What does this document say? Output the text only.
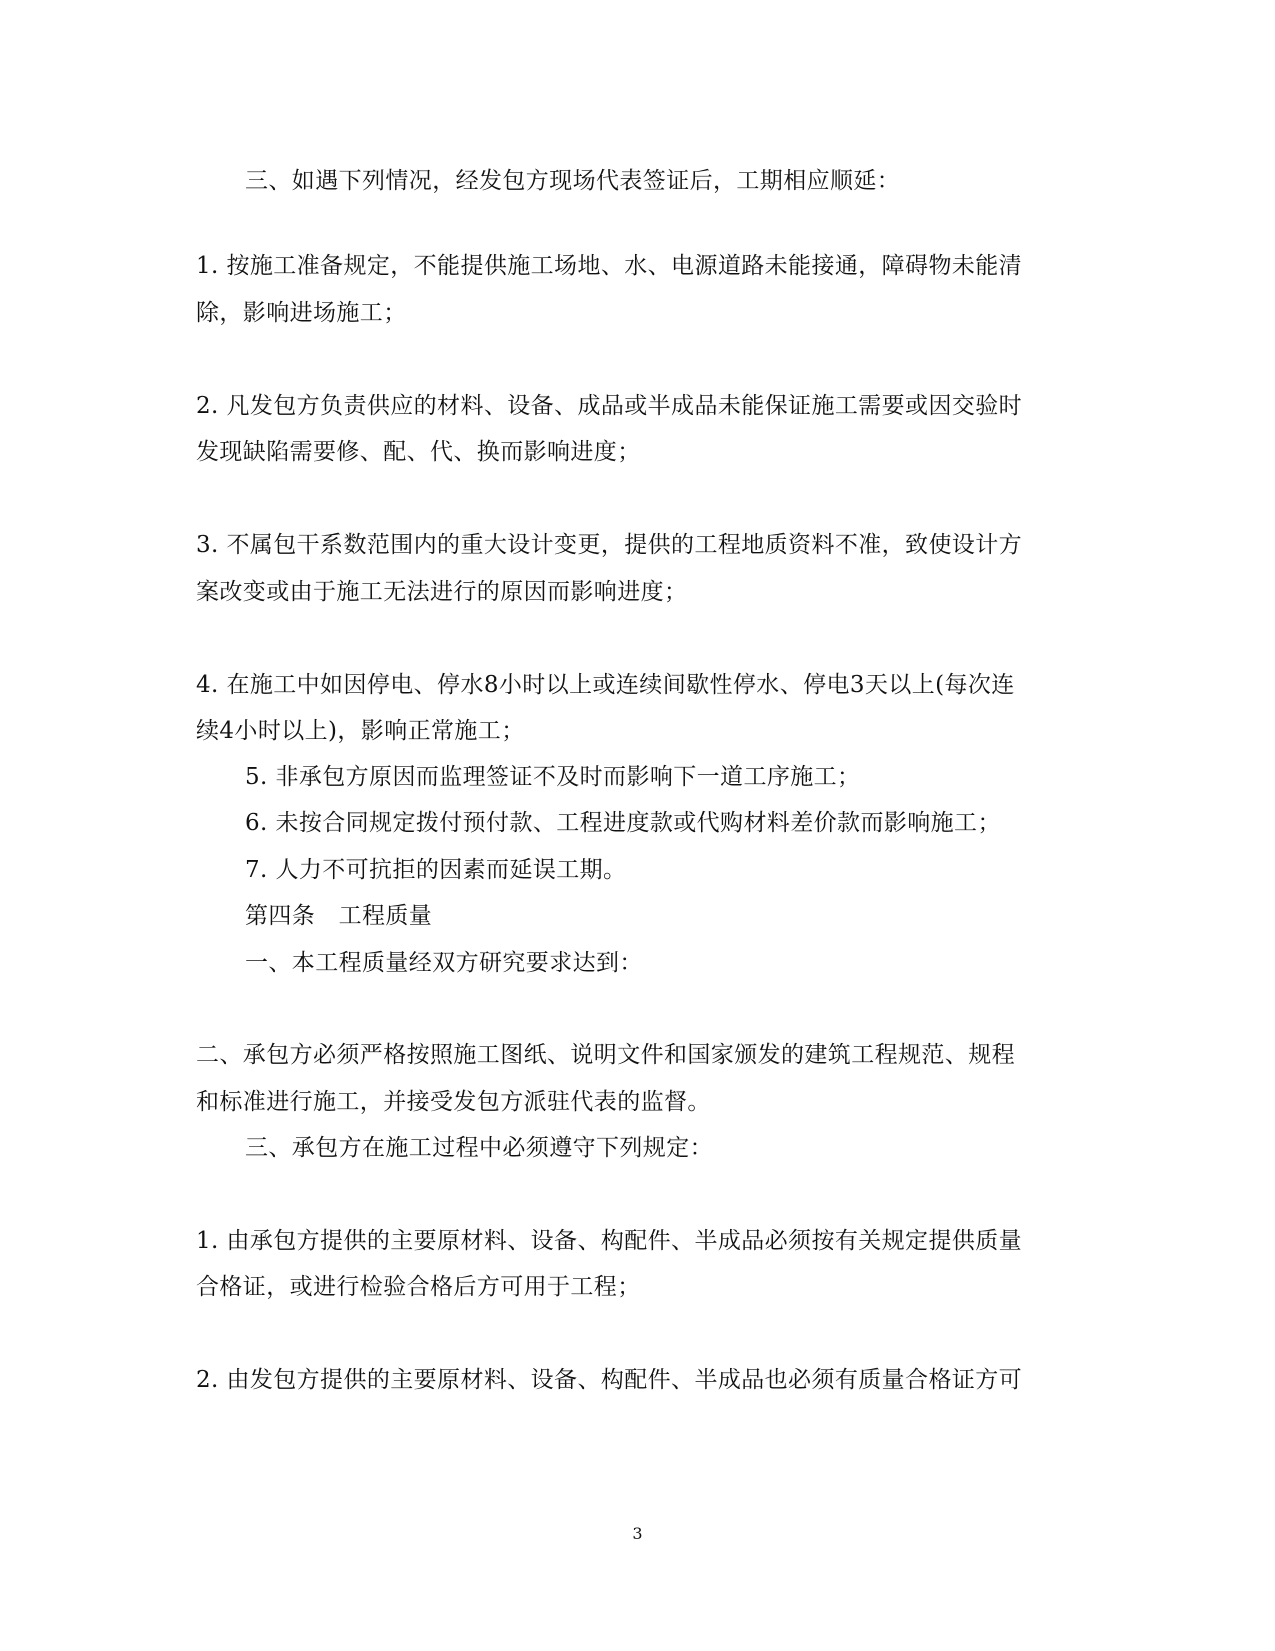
三、如遇下列情况，经发包方现场代表签证后，工期相应顺延：
1. 按施工准备规定，不能提供施工场地、水、电源道路未能接通，障碍物未能清
除，影响进场施工；
2. 凡发包方负责供应的材料、设备、成品或半成品未能保证施工需要或因交验时
发现缺陷需要修、配、代、换而影响进度；
3. 不属包干系数范围内的重大设计变更，提供的工程地质资料不准，致使设计方
案改变或由于施工无法进行的原因而影响进度；
4. 在施工中如因停电、停水8小时以上或连续间歇性停水、停电3天以上(每次连
续4小时以上)，影响正常施工；
5. 非承包方原因而监理签证不及时而影响下一道工序施工；
6. 未按合同规定拨付预付款、工程进度款或代购材料差价款而影响施工；
7. 人力不可抗拒的因素而延误工期。
第四条　工程质量
一、本工程质量经双方研究要求达到：
二、承包方必须严格按照施工图纸、说明文件和国家颁发的建筑工程规范、规程
和标准进行施工，并接受发包方派驻代表的监督。
三、承包方在施工过程中必须遵守下列规定：
1. 由承包方提供的主要原材料、设备、构配件、半成品必须按有关规定提供质量
合格证，或进行检验合格后方可用于工程；
2. 由发包方提供的主要原材料、设备、构配件、半成品也必须有质量合格证方可
3
